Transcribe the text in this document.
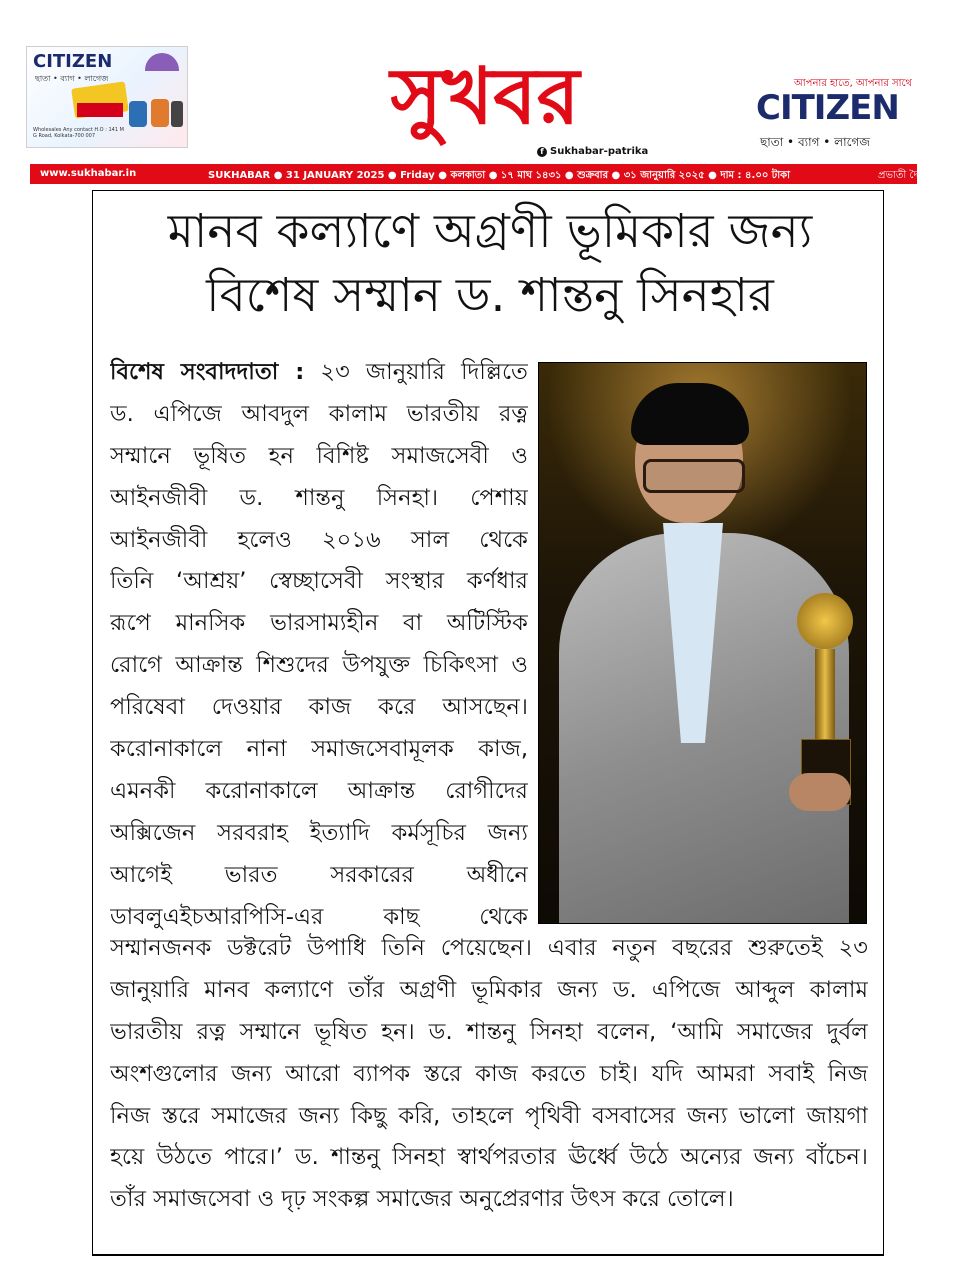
CITIZEN
ছাতা • ব্যাগ • লাগেজ
Wholesales Any contact H.O : 141 M G Road, Kolkata-700 007	সুখবর
f Sukhabar-patrika
আপনার হাতে, আপনার সাথে
CITIZEN
ছাতা • ব্যাগ • লাগেজ
www.sukhabar.in	SUKHABAR ● 31 JANUARY 2025 ● Friday ● কলকাতা ● ১৭ মাঘ ১৪৩১ ● শুক্রবার ● ৩১ জানুয়ারি ২০২৫ ● দাম : ৪.০০ টাকা	প্রভাতী দৈনিক
মানব কল্যাণে অগ্রণী ভূমিকার জন্য
বিশেষ সম্মান ড. শান্তনু সিনহার
বিশেষ সংবাদদাতা : ২৩ জানুয়ারি দিল্লিতে
ড. এপিজে আবদুল কালাম ভারতীয় রত্ন
সম্মানে ভূষিত হন বিশিষ্ট সমাজসেবী ও
আইনজীবী ড. শান্তনু সিনহা। পেশায়
আইনজীবী হলেও ২০১৬ সাল থেকে
তিনি ‘আশ্রয়’ স্বেচ্ছাসেবী সংস্থার কর্ণধার
রূপে মানসিক ভারসাম্যহীন বা অটিস্টিক
রোগে আক্রান্ত শিশুদের উপযুক্ত চিকিৎসা ও
পরিষেবা দেওয়ার কাজ করে আসছেন।
করোনাকালে নানা সমাজসেবামূলক কাজ,
এমনকী করোনাকালে আক্রান্ত রোগীদের
অক্সিজেন সরবরাহ ইত্যাদি কর্মসূচির জন্য
আগেই ভারত সরকারের অধীনে
ডাবলুএইচআরপিসি-এর কাছ থেকে
সম্মানজনক ডক্টরেট উপাধি তিনি পেয়েছেন। এবার নতুন বছরের শুরুতেই ২৩
জানুয়ারি মানব কল্যাণে তাঁর অগ্রণী ভূমিকার জন্য ড. এপিজে আব্দুল কালাম
ভারতীয় রত্ন সম্মানে ভূষিত হন। ড. শান্তনু সিনহা বলেন, ‘আমি সমাজের দুর্বল
অংশগুলোর জন্য আরো ব্যাপক স্তরে কাজ করতে চাই। যদি আমরা সবাই নিজ
নিজ স্তরে সমাজের জন্য কিছু করি, তাহলে পৃথিবী বসবাসের জন্য ভালো জায়গা
হয়ে উঠতে পারে।’ ড. শান্তনু সিনহা স্বার্থপরতার ঊর্ধ্বে উঠে অন্যের জন্য বাঁচেন।
তাঁর সমাজসেবা ও দৃঢ় সংকল্প সমাজের অনুপ্রেরণার উৎস করে তোলে।
